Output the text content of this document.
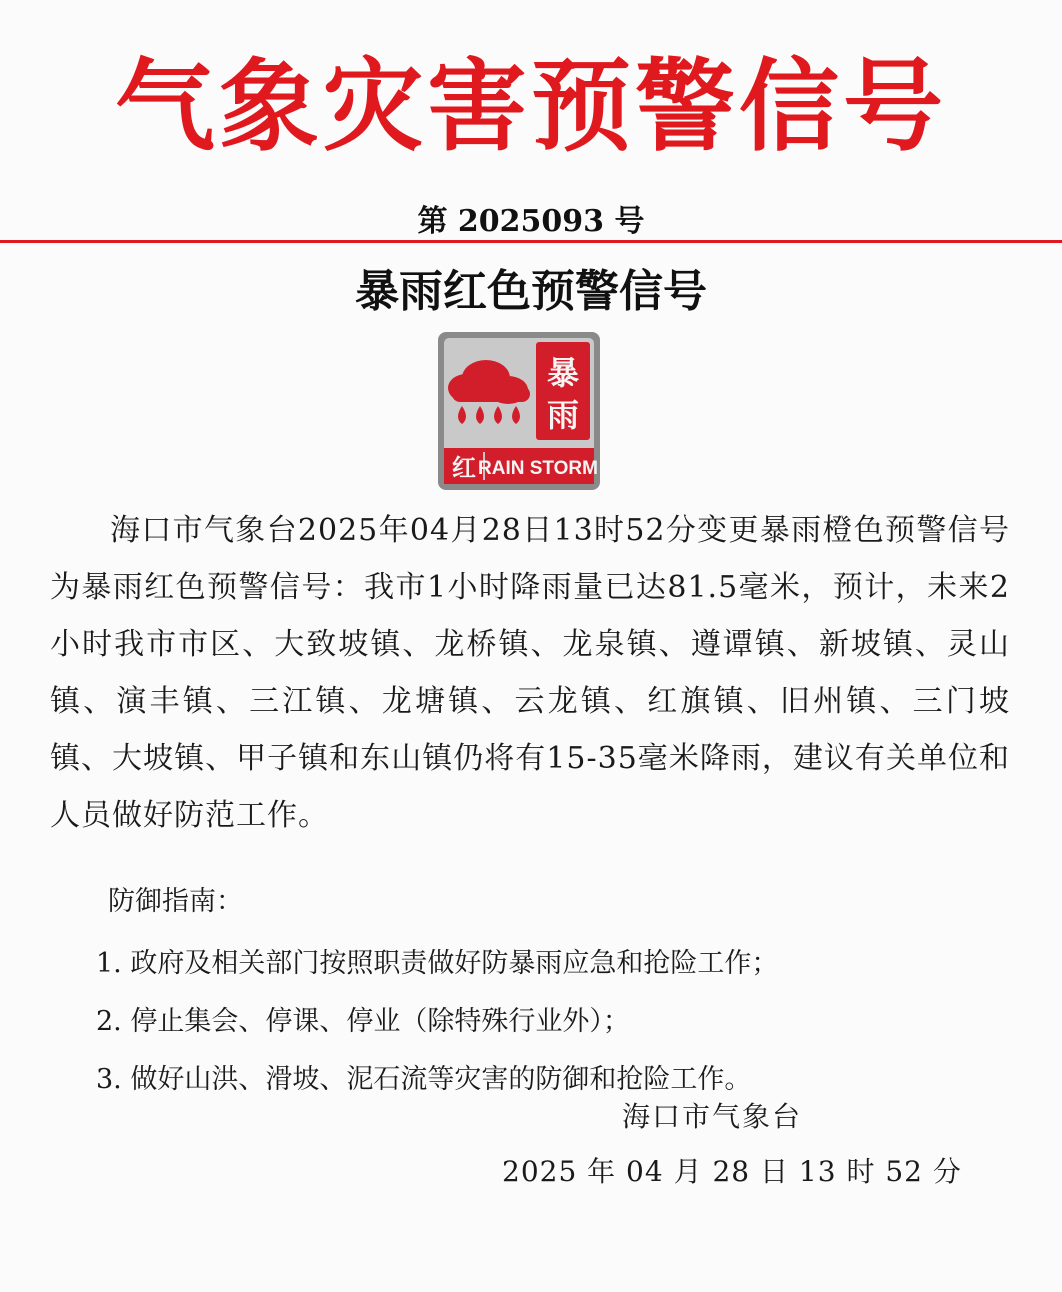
气象灾害预警信号
第 2025093 号
暴雨红色预警信号
暴
雨
红 RAIN STORM

海口市气象台2025年04月28日13时52分变更暴雨橙色预警信号为暴雨红色预警信号：我市1小时降雨量已达81.5毫米，预计，未来2小时我市市区、大致坡镇、龙桥镇、龙泉镇、遵谭镇、新坡镇、灵山镇、演丰镇、三江镇、龙塘镇、云龙镇、红旗镇、旧州镇、三门坡镇、大坡镇、甲子镇和东山镇仍将有15-35毫米降雨，建议有关单位和人员做好防范工作。

防御指南：
1. 政府及相关部门按照职责做好防暴雨应急和抢险工作；
2. 停止集会、停课、停业（除特殊行业外）；
3. 做好山洪、滑坡、泥石流等灾害的防御和抢险工作。
海口市气象台
2025 年 04 月 28 日 13 时 52 分
